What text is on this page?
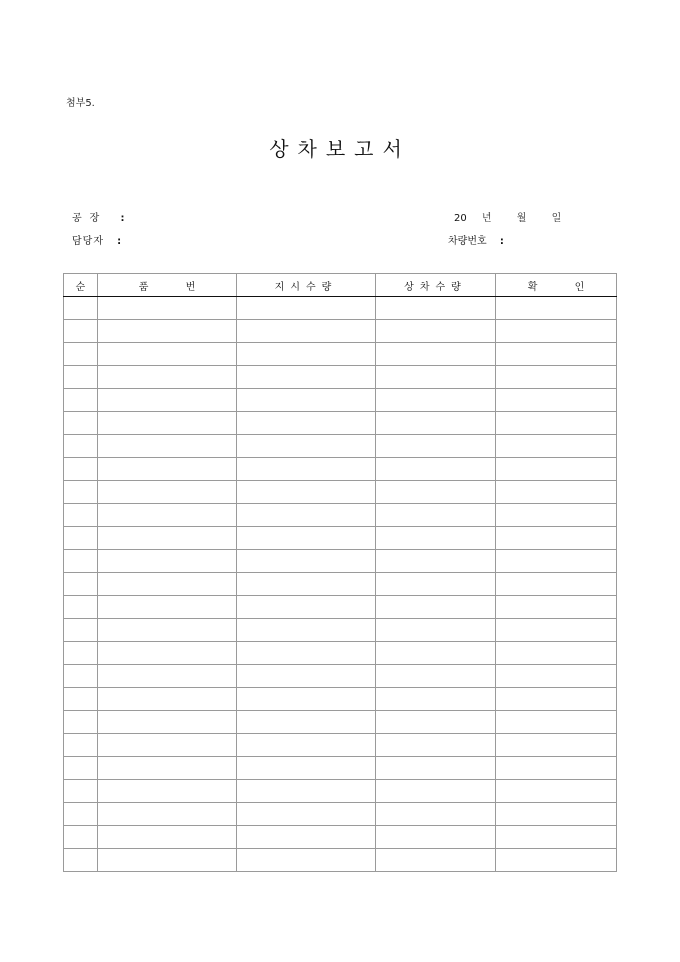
첨부5.
상차보고서
공장 :
담당자 :
20 년	월	일
차량번호 :
순	품 번	지시수량	상차수량	확 인
